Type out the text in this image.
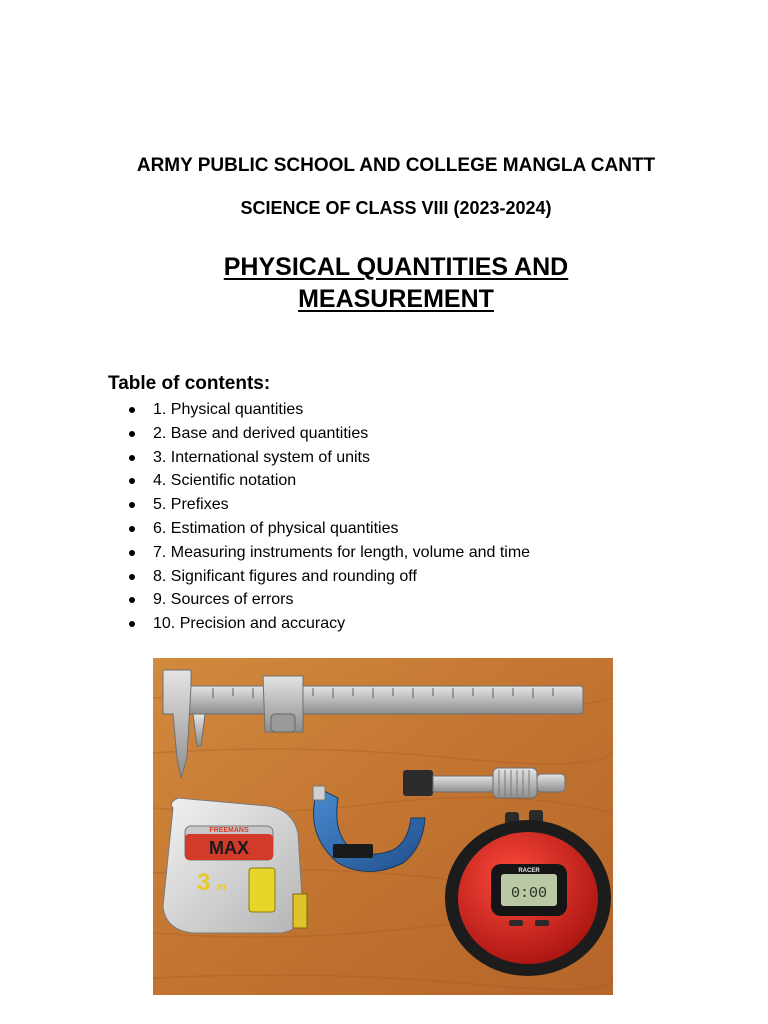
ARMY PUBLIC SCHOOL AND COLLEGE MANGLA CANTT
SCIENCE OF CLASS VIII (2023-2024)
PHYSICAL QUANTITIES AND
MEASUREMENT
Table of contents:
1. Physical quantities
2. Base and derived quantities
3. International system of units
4. Scientific notation
5. Prefixes
6. Estimation of physical quantities
7. Measuring instruments for length, volume and time
8. Significant figures and rounding off
9. Sources of errors
10. Precision and accuracy
FREEMANS
MAX
3 m
RACER
0:00
